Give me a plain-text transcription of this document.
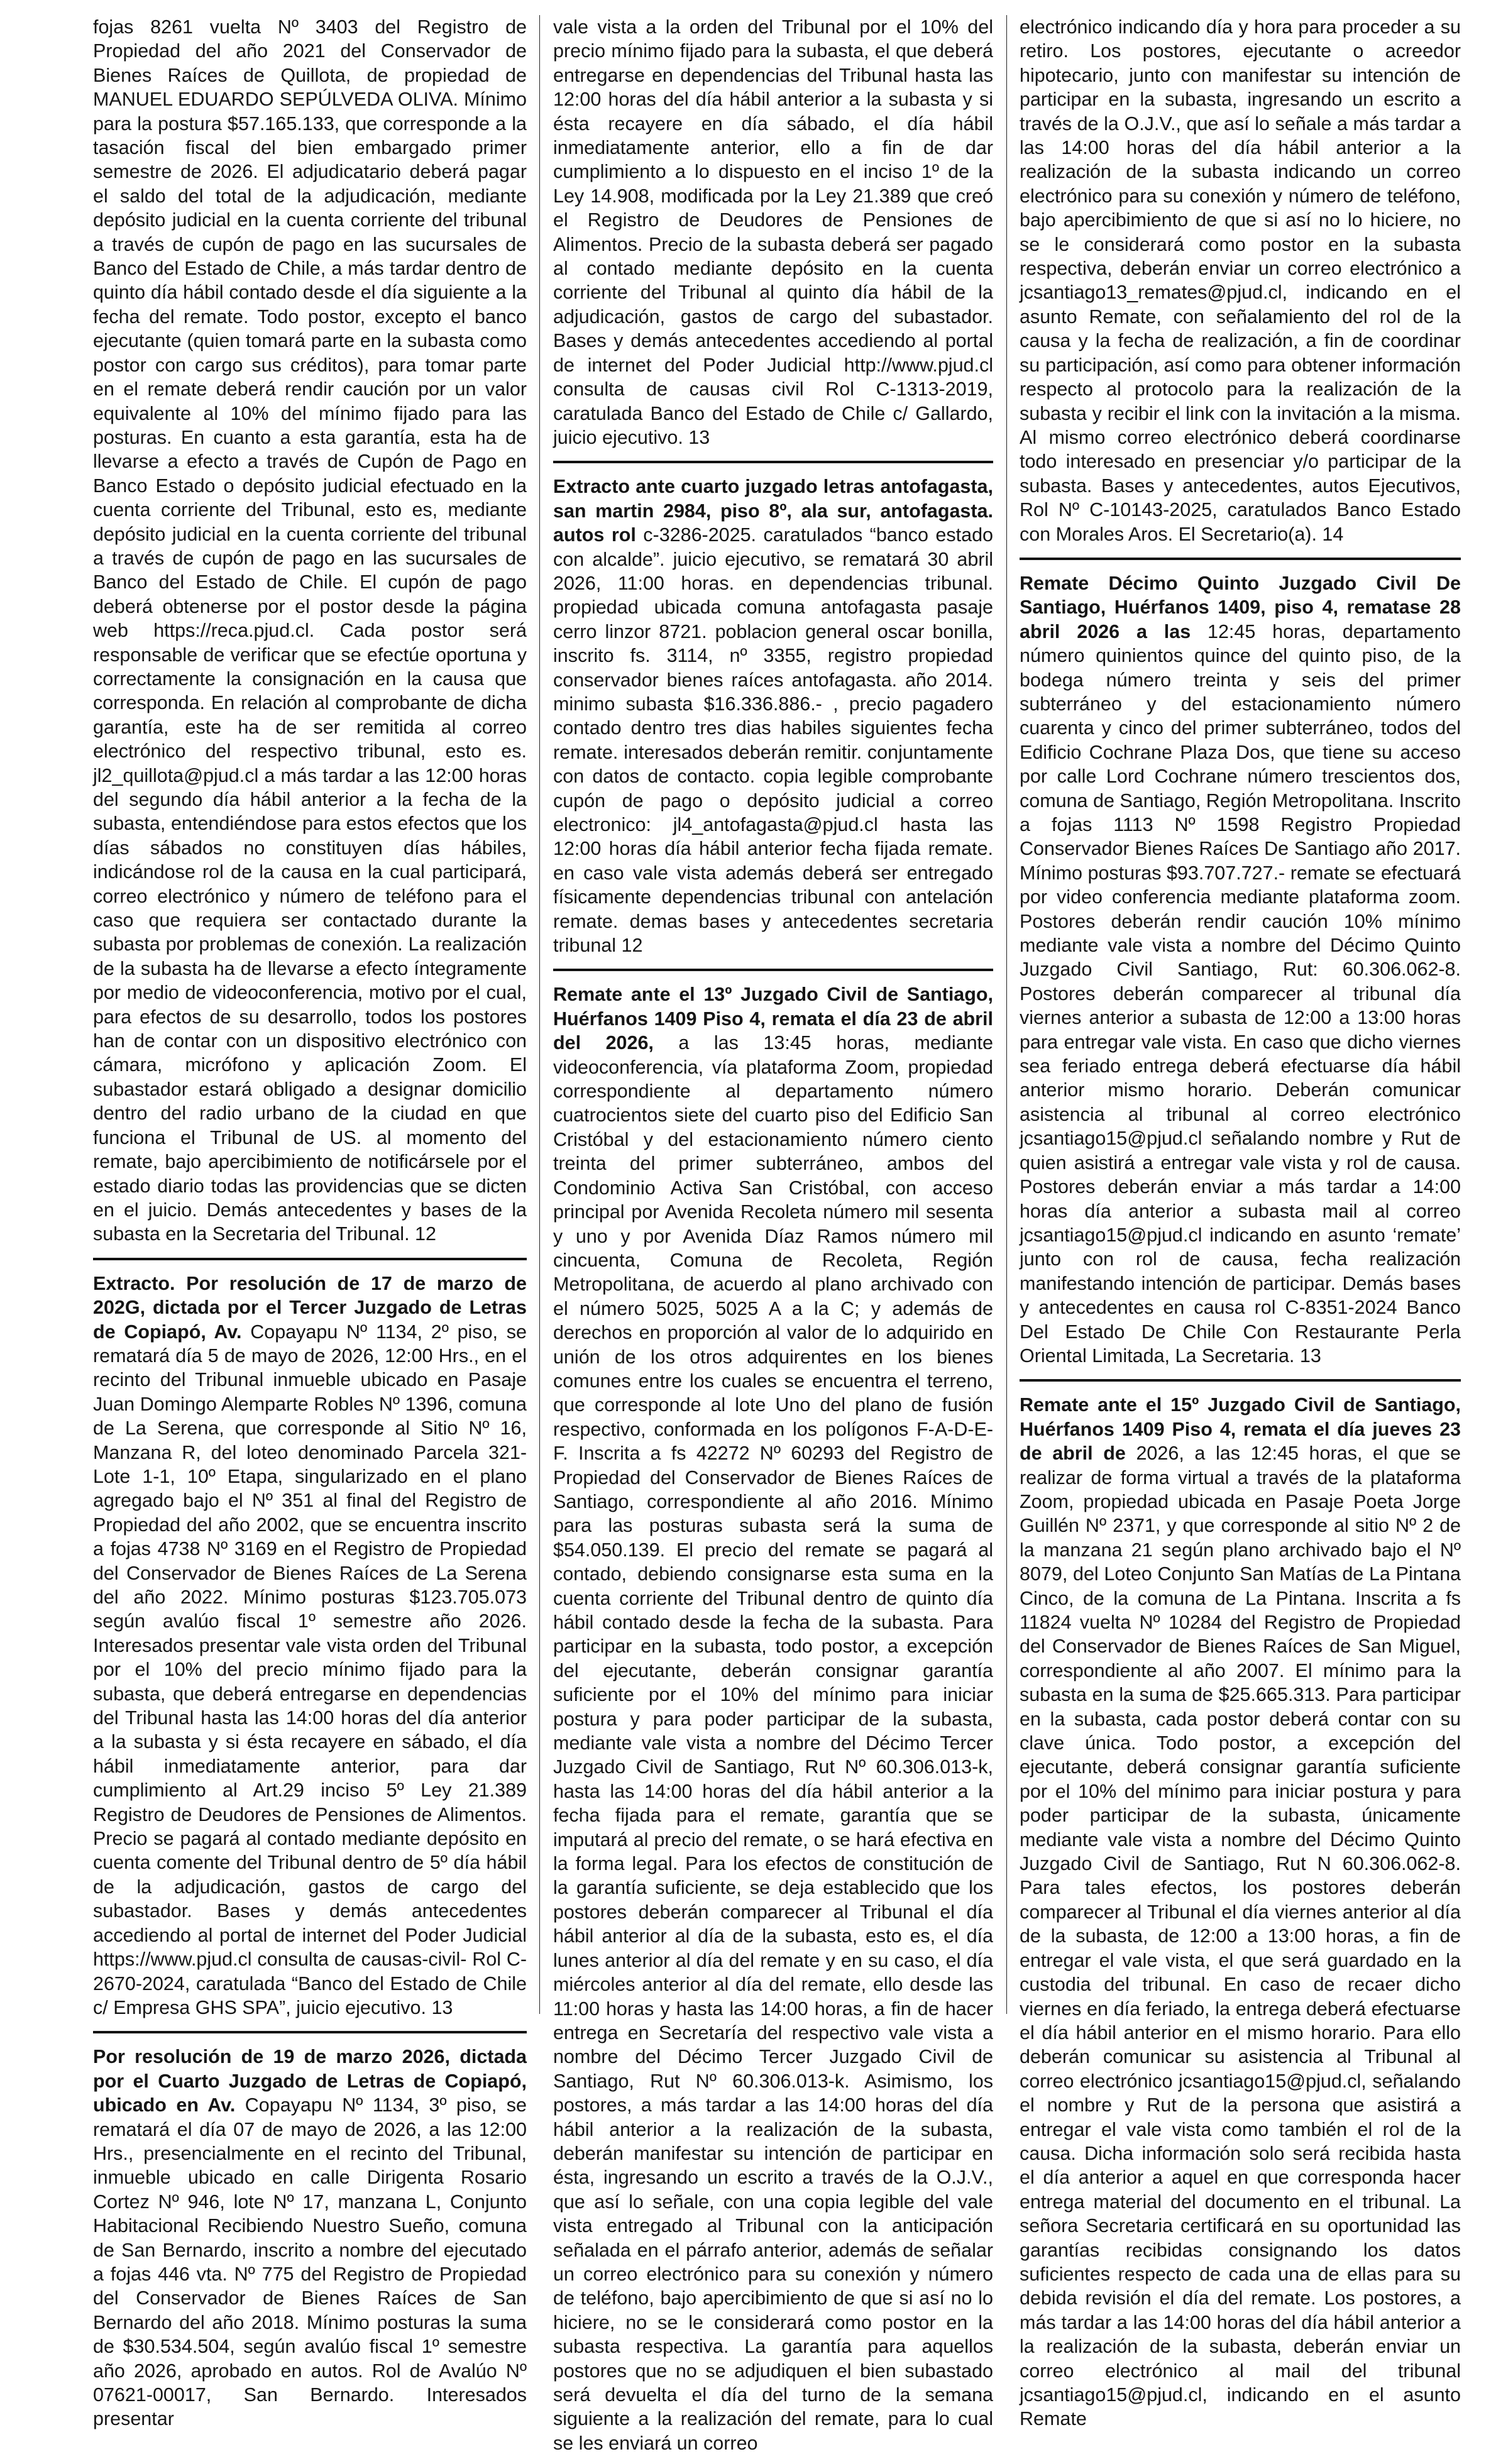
fojas 8261 vuelta Nº 3403 del Registro de Propiedad del año 2021 del Conservador de Bienes Raíces de Quillota, de propiedad de MANUEL EDUARDO SEPÚLVEDA OLIVA. Mínimo para la postura $57.165.133, que corresponde a la tasación fiscal del bien embargado primer semestre de 2026. El adjudicatario deberá pagar el saldo del total de la adjudicación, mediante depósito judicial en la cuenta corriente del tribunal a través de cupón de pago en las sucursales de Banco del Estado de Chile, a más tardar dentro de quinto día hábil contado desde el día siguiente a la fecha del remate. Todo postor, excepto el banco ejecutante (quien tomará parte en la subasta como postor con cargo sus créditos), para tomar parte en el remate deberá rendir caución por un valor equivalente al 10% del mínimo fijado para las posturas. En cuanto a esta garantía, esta ha de llevarse a efecto a través de Cupón de Pago en Banco Estado o depósito judicial efectuado en la cuenta corriente del Tribunal, esto es, mediante depósito judicial en la cuenta corriente del tribunal a través de cupón de pago en las sucursales de Banco del Estado de Chile. El cupón de pago deberá obtenerse por el postor desde la página web https://reca.pjud.cl. Cada postor será responsable de verificar que se efectúe oportuna y correctamente la consignación en la causa que corresponda. En relación al comprobante de dicha garantía, este ha de ser remitida al correo electrónico del respectivo tribunal, esto es. jl2_quillota@pjud.cl a más tardar a las 12:00 horas del segundo día hábil anterior a la fecha de la subasta, entendiéndose para estos efectos que los días sábados no constituyen días hábiles, indicándose rol de la causa en la cual participará, correo electrónico y número de teléfono para el caso que requiera ser contactado durante la subasta por problemas de conexión. La realización de la subasta ha de llevarse a efecto íntegramente por medio de videoconferencia, motivo por el cual, para efectos de su desarrollo, todos los postores han de contar con un dispositivo electrónico con cámara, micrófono y aplicación Zoom. El subastador estará obligado a designar domicilio dentro del radio urbano de la ciudad en que funciona el Tribunal de US. al momento del remate, bajo apercibimiento de notificársele por el estado diario todas las providencias que se dicten en el juicio. Demás antecedentes y bases de la subasta en la Secretaria del Tribunal. 12

Extracto. Por resolución de 17 de marzo de 202G, dictada por el Tercer Juzgado de Letras de Copiapó, Av. Copayapu Nº 1134, 2º piso, se rematará día 5 de mayo de 2026, 12:00 Hrs., en el recinto del Tribunal inmueble ubicado en Pasaje Juan Domingo Alemparte Robles Nº 1396, comuna de La Serena, que corresponde al Sitio Nº 16, Manzana R, del loteo denominado Parcela 321-Lote 1-1, 10º Etapa, singularizado en el plano agregado bajo el Nº 351 al final del Registro de Propiedad del año 2002, que se encuentra inscrito a fojas 4738 Nº 3169 en el Registro de Propiedad del Conservador de Bienes Raíces de La Serena del año 2022. Mínimo posturas $123.705.073 según avalúo fiscal 1º semestre año 2026. Interesados presentar vale vista orden del Tribunal por el 10% del precio mínimo fijado para la subasta, que deberá entregarse en dependencias del Tribunal hasta las 14:00 horas del día anterior a la subasta y si ésta recayere en sábado, el día hábil inmediatamente anterior, para dar cumplimiento al Art.29 inciso 5º Ley 21.389 Registro de Deudores de Pensiones de Alimentos. Precio se pagará al contado mediante depósito en cuenta comente del Tribunal dentro de 5º día hábil de la adjudicación, gastos de cargo del subastador. Bases y demás antecedentes accediendo al portal de internet del Poder Judicial https://www.pjud.cl consulta de causas-civil- Rol C-2670-2024, caratulada “Banco del Estado de Chile c/ Empresa GHS SPA”, juicio ejecutivo. 13

Por resolución de 19 de marzo 2026, dictada por el Cuarto Juzgado de Letras de Copiapó, ubicado en Av. Copayapu Nº 1134, 3º piso, se rematará el día 07 de mayo de 2026, a las 12:00 Hrs., presencialmente en el recinto del Tribunal, inmueble ubicado en calle Dirigenta Rosario Cortez Nº 946, lote Nº 17, manzana L, Conjunto Habitacional Recibiendo Nuestro Sueño, comuna de San Bernardo, inscrito a nombre del ejecutado a fojas 446 vta. Nº 775 del Registro de Propiedad del Conservador de Bienes Raíces de San Bernardo del año 2018. Mínimo posturas la suma de $30.534.504, según avalúo fiscal 1º semestre año 2026, aprobado en autos. Rol de Avalúo Nº 07621-00017, San Bernardo. Interesados presentar

vale vista a la orden del Tribunal por el 10% del precio mínimo fijado para la subasta, el que deberá entregarse en dependencias del Tribunal hasta las 12:00 horas del día hábil anterior a la subasta y si ésta recayere en día sábado, el día hábil inmediatamente anterior, ello a fin de dar cumplimiento a lo dispuesto en el inciso 1º de la Ley 14.908, modificada por la Ley 21.389 que creó el Registro de Deudores de Pensiones de Alimentos. Precio de la subasta deberá ser pagado al contado mediante depósito en la cuenta corriente del Tribunal al quinto día hábil de la adjudicación, gastos de cargo del subastador. Bases y demás antecedentes accediendo al portal de internet del Poder Judicial http://www.pjud.cl consulta de causas civil Rol C-1313-2019, caratulada Banco del Estado de Chile c/ Gallardo, juicio ejecutivo. 13

Extracto ante cuarto juzgado letras antofagasta, san martin 2984, piso 8º, ala sur, antofagasta. autos rol c-3286-2025. caratulados “banco estado con alcalde”. juicio ejecutivo, se rematará 30 abril 2026, 11:00 horas. en dependencias tribunal. propiedad ubicada comuna antofagasta pasaje cerro linzor 8721. poblacion general oscar bonilla, inscrito fs. 3114, nº 3355, registro propiedad conservador bienes raíces antofagasta. año 2014. minimo subasta $16.336.886.- , precio pagadero contado dentro tres dias habiles siguientes fecha remate. interesados deberán remitir. conjuntamente con datos de contacto. copia legible comprobante cupón de pago o depósito judicial a correo electronico: jl4_antofagasta@pjud.cl hasta las 12:00 horas día hábil anterior fecha fijada remate. en caso vale vista además deberá ser entregado físicamente dependencias tribunal con antelación remate. demas bases y antecedentes secretaria tribunal 12

Remate ante el 13º Juzgado Civil de Santiago, Huérfanos 1409 Piso 4, remata el día 23 de abril del 2026, a las 13:45 horas, mediante videoconferencia, vía plataforma Zoom, propiedad correspondiente al departamento número cuatrocientos siete del cuarto piso del Edificio San Cristóbal y del estacionamiento número ciento treinta del primer subterráneo, ambos del Condominio Activa San Cristóbal, con acceso principal por Avenida Recoleta número mil sesenta y uno y por Avenida Díaz Ramos número mil cincuenta, Comuna de Recoleta, Región Metropolitana, de acuerdo al plano archivado con el número 5025, 5025 A a la C; y además de derechos en proporción al valor de lo adquirido en unión de los otros adquirentes en los bienes comunes entre los cuales se encuentra el terreno, que corresponde al lote Uno del plano de fusión respectivo, conformada en los polígonos F-A-D-E-F. Inscrita a fs 42272 Nº 60293 del Registro de Propiedad del Conservador de Bienes Raíces de Santiago, correspondiente al año 2016. Mínimo para las posturas subasta será la suma de $54.050.139. El precio del remate se pagará al contado, debiendo consignarse esta suma en la cuenta corriente del Tribunal dentro de quinto día hábil contado desde la fecha de la subasta. Para participar en la subasta, todo postor, a excepción del ejecutante, deberán consignar garantía suficiente por el 10% del mínimo para iniciar postura y para poder participar de la subasta, mediante vale vista a nombre del Décimo Tercer Juzgado Civil de Santiago, Rut Nº 60.306.013-k, hasta las 14:00 horas del día hábil anterior a la fecha fijada para el remate, garantía que se imputará al precio del remate, o se hará efectiva en la forma legal. Para los efectos de constitución de la garantía suficiente, se deja establecido que los postores deberán comparecer al Tribunal el día hábil anterior al día de la subasta, esto es, el día lunes anterior al día del remate y en su caso, el día miércoles anterior al día del remate, ello desde las 11:00 horas y hasta las 14:00 horas, a fin de hacer entrega en Secretaría del respectivo vale vista a nombre del Décimo Tercer Juzgado Civil de Santiago, Rut Nº 60.306.013-k. Asimismo, los postores, a más tardar a las 14:00 horas del día hábil anterior a la realización de la subasta, deberán manifestar su intención de participar en ésta, ingresando un escrito a través de la O.J.V., que así lo señale, con una copia legible del vale vista entregado al Tribunal con la anticipación señalada en el párrafo anterior, además de señalar un correo electrónico para su conexión y número de teléfono, bajo apercibimiento de que si así no lo hiciere, no se le considerará como postor en la subasta respectiva. La garantía para aquellos postores que no se adjudiquen el bien subastado será devuelta el día del turno de la semana siguiente a la realización del remate, para lo cual se les enviará un correo

electrónico indicando día y hora para proceder a su retiro. Los postores, ejecutante o acreedor hipotecario, junto con manifestar su intención de participar en la subasta, ingresando un escrito a través de la O.J.V., que así lo señale a más tardar a las 14:00 horas del día hábil anterior a la realización de la subasta indicando un correo electrónico para su conexión y número de teléfono, bajo apercibimiento de que si así no lo hiciere, no se le considerará como postor en la subasta respectiva, deberán enviar un correo electrónico a jcsantiago13_remates@pjud.cl, indicando en el asunto Remate, con señalamiento del rol de la causa y la fecha de realización, a fin de coordinar su participación, así como para obtener información respecto al protocolo para la realización de la subasta y recibir el link con la invitación a la misma. Al mismo correo electrónico deberá coordinarse todo interesado en presenciar y/o participar de la subasta. Bases y antecedentes, autos Ejecutivos, Rol Nº C-10143-2025, caratulados Banco Estado con Morales Aros. El Secretario(a). 14

Remate Décimo Quinto Juzgado Civil De Santiago, Huérfanos 1409, piso 4, rematase 28 abril 2026 a las 12:45 horas, departamento número quinientos quince del quinto piso, de la bodega número treinta y seis del primer subterráneo y del estacionamiento número cuarenta y cinco del primer subterráneo, todos del Edificio Cochrane Plaza Dos, que tiene su acceso por calle Lord Cochrane número trescientos dos, comuna de Santiago, Región Metropolitana. Inscrito a fojas 1113 Nº 1598 Registro Propiedad Conservador Bienes Raíces De Santiago año 2017. Mínimo posturas $93.707.727.- remate se efectuará por video conferencia mediante plataforma zoom. Postores deberán rendir caución 10% mínimo mediante vale vista a nombre del Décimo Quinto Juzgado Civil Santiago, Rut: 60.306.062-8. Postores deberán comparecer al tribunal día viernes anterior a subasta de 12:00 a 13:00 horas para entregar vale vista. En caso que dicho viernes sea feriado entrega deberá efectuarse día hábil anterior mismo horario. Deberán comunicar asistencia al tribunal al correo electrónico jcsantiago15@pjud.cl señalando nombre y Rut de quien asistirá a entregar vale vista y rol de causa. Postores deberán enviar a más tardar a 14:00 horas día anterior a subasta mail al correo jcsantiago15@pjud.cl indicando en asunto ‘remate’ junto con rol de causa, fecha realización manifestando intención de participar. Demás bases y antecedentes en causa rol C-8351-2024 Banco Del Estado De Chile Con Restaurante Perla Oriental Limitada, La Secretaria. 13

Remate ante el 15º Juzgado Civil de Santiago, Huérfanos 1409 Piso 4, remata el día jueves 23 de abril de 2026, a las 12:45 horas, el que se realizar de forma virtual a través de la plataforma Zoom, propiedad ubicada en Pasaje Poeta Jorge Guillén Nº 2371, y que corresponde al sitio Nº 2 de la manzana 21 según plano archivado bajo el Nº 8079, del Loteo Conjunto San Matías de La Pintana Cinco, de la comuna de La Pintana. Inscrita a fs 11824 vuelta Nº 10284 del Registro de Propiedad del Conservador de Bienes Raíces de San Miguel, correspondiente al año 2007. El mínimo para la subasta en la suma de $25.665.313. Para participar en la subasta, cada postor deberá contar con su clave única. Todo postor, a excepción del ejecutante, deberá consignar garantía suficiente por el 10% del mínimo para iniciar postura y para poder participar de la subasta, únicamente mediante vale vista a nombre del Décimo Quinto Juzgado Civil de Santiago, Rut N 60.306.062-8. Para tales efectos, los postores deberán comparecer al Tribunal el día viernes anterior al día de la subasta, de 12:00 a 13:00 horas, a fin de entregar el vale vista, el que será guardado en la custodia del tribunal. En caso de recaer dicho viernes en día feriado, la entrega deberá efectuarse el día hábil anterior en el mismo horario. Para ello deberán comunicar su asistencia al Tribunal al correo electrónico jcsantiago15@pjud.cl, señalando el nombre y Rut de la persona que asistirá a entregar el vale vista como también el rol de la causa. Dicha información solo será recibida hasta el día anterior a aquel en que corresponda hacer entrega material del documento en el tribunal. La señora Secretaria certificará en su oportunidad las garantías recibidas consignando los datos suficientes respecto de cada una de ellas para su debida revisión el día del remate. Los postores, a más tardar a las 14:00 horas del día hábil anterior a la realización de la subasta, deberán enviar un correo electrónico al mail del tribunal jcsantiago15@pjud.cl, indicando en el asunto Remate
